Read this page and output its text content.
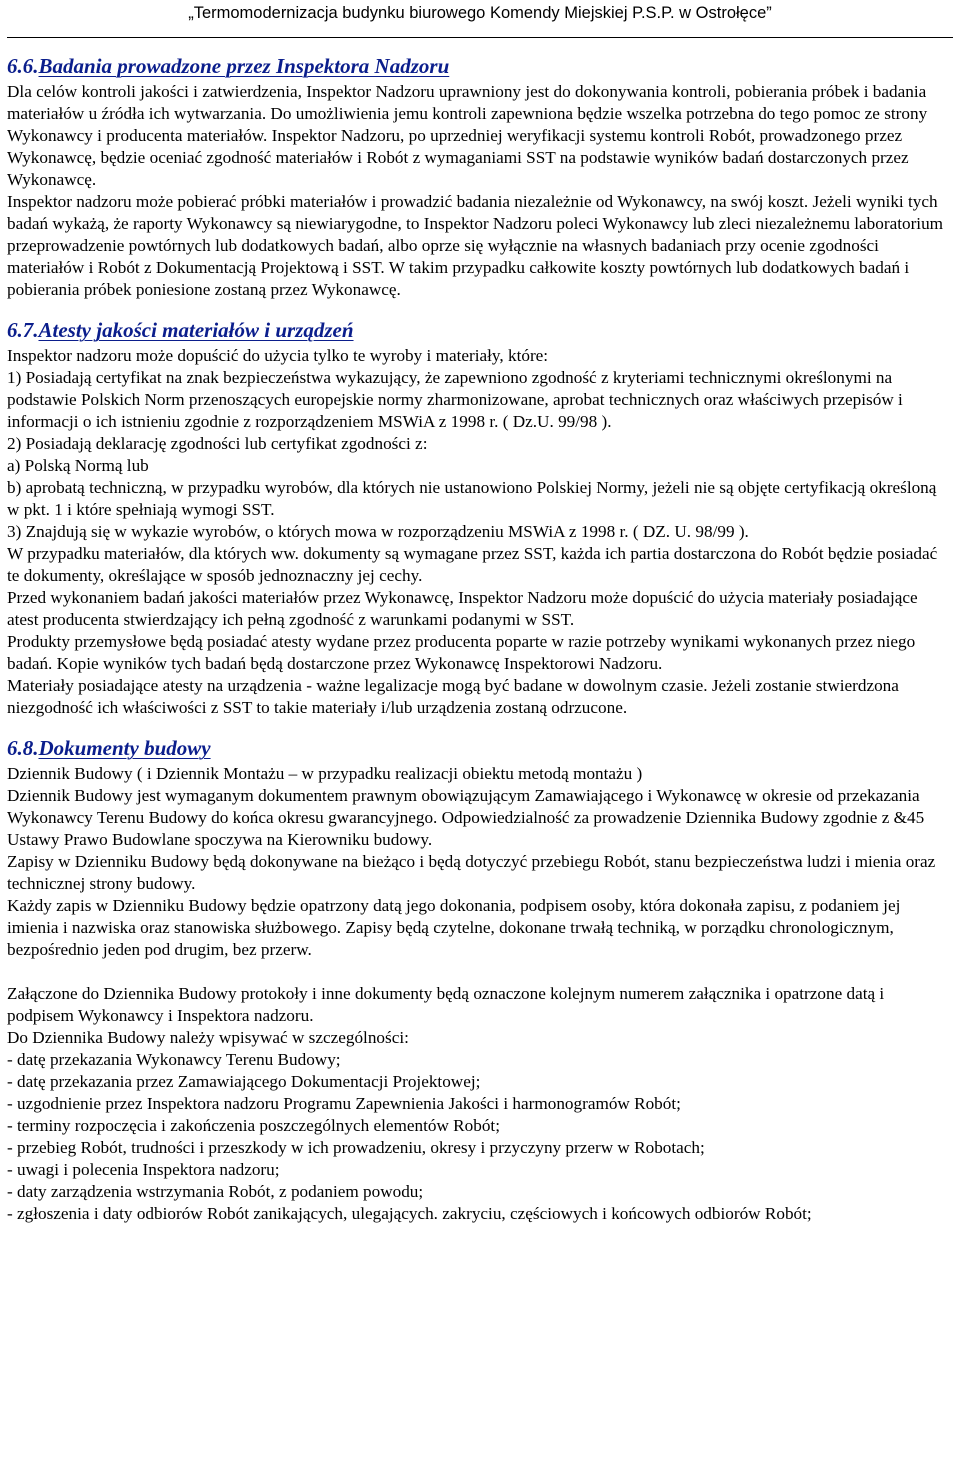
„Termomodernizacja budynku biurowego Komendy Miejskiej P.S.P. w Ostrołęce”
6.6.Badania prowadzone przez Inspektora Nadzoru

Dla celów kontroli jakości i zatwierdzenia, Inspektor Nadzoru uprawniony jest do dokonywania kontroli, pobierania próbek i badania materiałów u źródła ich wytwarzania. Do umożliwienia jemu kontroli zapewniona będzie wszelka potrzebna do tego pomoc ze strony Wykonawcy i producenta materiałów. Inspektor Nadzoru, po uprzedniej weryfikacji systemu kontroli Robót, prowadzonego przez Wykonawcę, będzie oceniać zgodność materiałów i Robót z wymaganiami SST na podstawie wyników badań dostarczonych przez Wykonawcę.

Inspektor nadzoru może pobierać próbki materiałów i prowadzić badania niezależnie od Wykonawcy, na swój koszt. Jeżeli wyniki tych badań wykażą, że raporty Wykonawcy są niewiarygodne, to Inspektor Nadzoru poleci Wykonawcy lub zleci niezależnemu laboratorium przeprowadzenie powtórnych lub dodatkowych badań, albo oprze się wyłącznie na własnych badaniach przy ocenie zgodności materiałów i Robót z Dokumentacją Projektową i SST. W takim przypadku całkowite koszty powtórnych lub dodatkowych badań i pobierania próbek poniesione zostaną przez Wykonawcę.

6.7.Atesty jakości materiałów i urządzeń

Inspektor nadzoru może dopuścić do użycia tylko te wyroby i materiały, które:

1) Posiadają certyfikat na znak bezpieczeństwa wykazujący, że zapewniono zgodność z kryteriami technicznymi określonymi na podstawie Polskich Norm przenoszących europejskie normy zharmonizowane, aprobat technicznych oraz właściwych przepisów i informacji o ich istnieniu zgodnie z rozporządzeniem MSWiA z 1998 r. ( Dz.U. 99/98 ).

2) Posiadają deklarację zgodności lub certyfikat zgodności z:

a) Polską Normą lub

b) aprobatą techniczną, w przypadku wyrobów, dla których nie ustanowiono Polskiej Normy, jeżeli nie są objęte certyfikacją określoną w pkt. 1 i które spełniają wymogi SST.

3) Znajdują się w wykazie wyrobów, o których mowa w rozporządzeniu MSWiA z 1998 r. ( DZ. U. 98/99 ).

W przypadku materiałów, dla których ww. dokumenty są wymagane przez SST, każda ich partia dostarczona do Robót będzie posiadać te dokumenty, określające w sposób jednoznaczny jej cechy.

Przed wykonaniem badań jakości materiałów przez Wykonawcę, Inspektor Nadzoru może dopuścić do użycia materiały posiadające atest producenta stwierdzający ich pełną zgodność z warunkami podanymi w SST.

Produkty przemysłowe będą posiadać atesty wydane przez producenta poparte w razie potrzeby wynikami wykonanych przez niego badań. Kopie wyników tych badań będą dostarczone przez Wykonawcę Inspektorowi Nadzoru.

Materiały posiadające atesty na urządzenia - ważne legalizacje mogą być badane w dowolnym czasie. Jeżeli zostanie stwierdzona niezgodność ich właściwości z SST to takie materiały i/lub urządzenia zostaną odrzucone.

6.8.Dokumenty budowy

Dziennik Budowy ( i Dziennik Montażu – w przypadku realizacji obiektu metodą montażu )

Dziennik Budowy jest wymaganym dokumentem prawnym obowiązującym Zamawiającego i Wykonawcę w okresie od przekazania Wykonawcy Terenu Budowy do końca okresu gwarancyjnego. Odpowiedzialność za prowadzenie Dziennika Budowy zgodnie z &45 Ustawy Prawo Budowlane spoczywa na Kierowniku budowy.

Zapisy w Dzienniku Budowy będą dokonywane na bieżąco i będą dotyczyć przebiegu Robót, stanu bezpieczeństwa ludzi i mienia oraz technicznej strony budowy.

Każdy zapis w Dzienniku Budowy będzie opatrzony datą jego dokonania, podpisem osoby, która dokonała zapisu, z podaniem jej imienia i nazwiska oraz stanowiska służbowego. Zapisy będą czytelne, dokonane trwałą techniką, w porządku chronologicznym, bezpośrednio jeden pod drugim, bez przerw.

Załączone do Dziennika Budowy protokoły i inne dokumenty będą oznaczone kolejnym numerem załącznika i opatrzone datą i podpisem Wykonawcy i Inspektora nadzoru.

Do Dziennika Budowy należy wpisywać w szczególności:

- datę przekazania Wykonawcy Terenu Budowy;

- datę przekazania przez Zamawiającego Dokumentacji Projektowej;

- uzgodnienie przez Inspektora nadzoru Programu Zapewnienia Jakości i harmonogramów Robót;

- terminy rozpoczęcia i zakończenia poszczególnych elementów Robót;

- przebieg Robót, trudności i przeszkody w ich prowadzeniu, okresy i przyczyny przerw w Robotach;

- uwagi i polecenia Inspektora nadzoru;

- daty zarządzenia wstrzymania Robót, z podaniem powodu;

- zgłoszenia i daty odbiorów Robót zanikających, ulegających. zakryciu, częściowych i końcowych odbiorów Robót;
